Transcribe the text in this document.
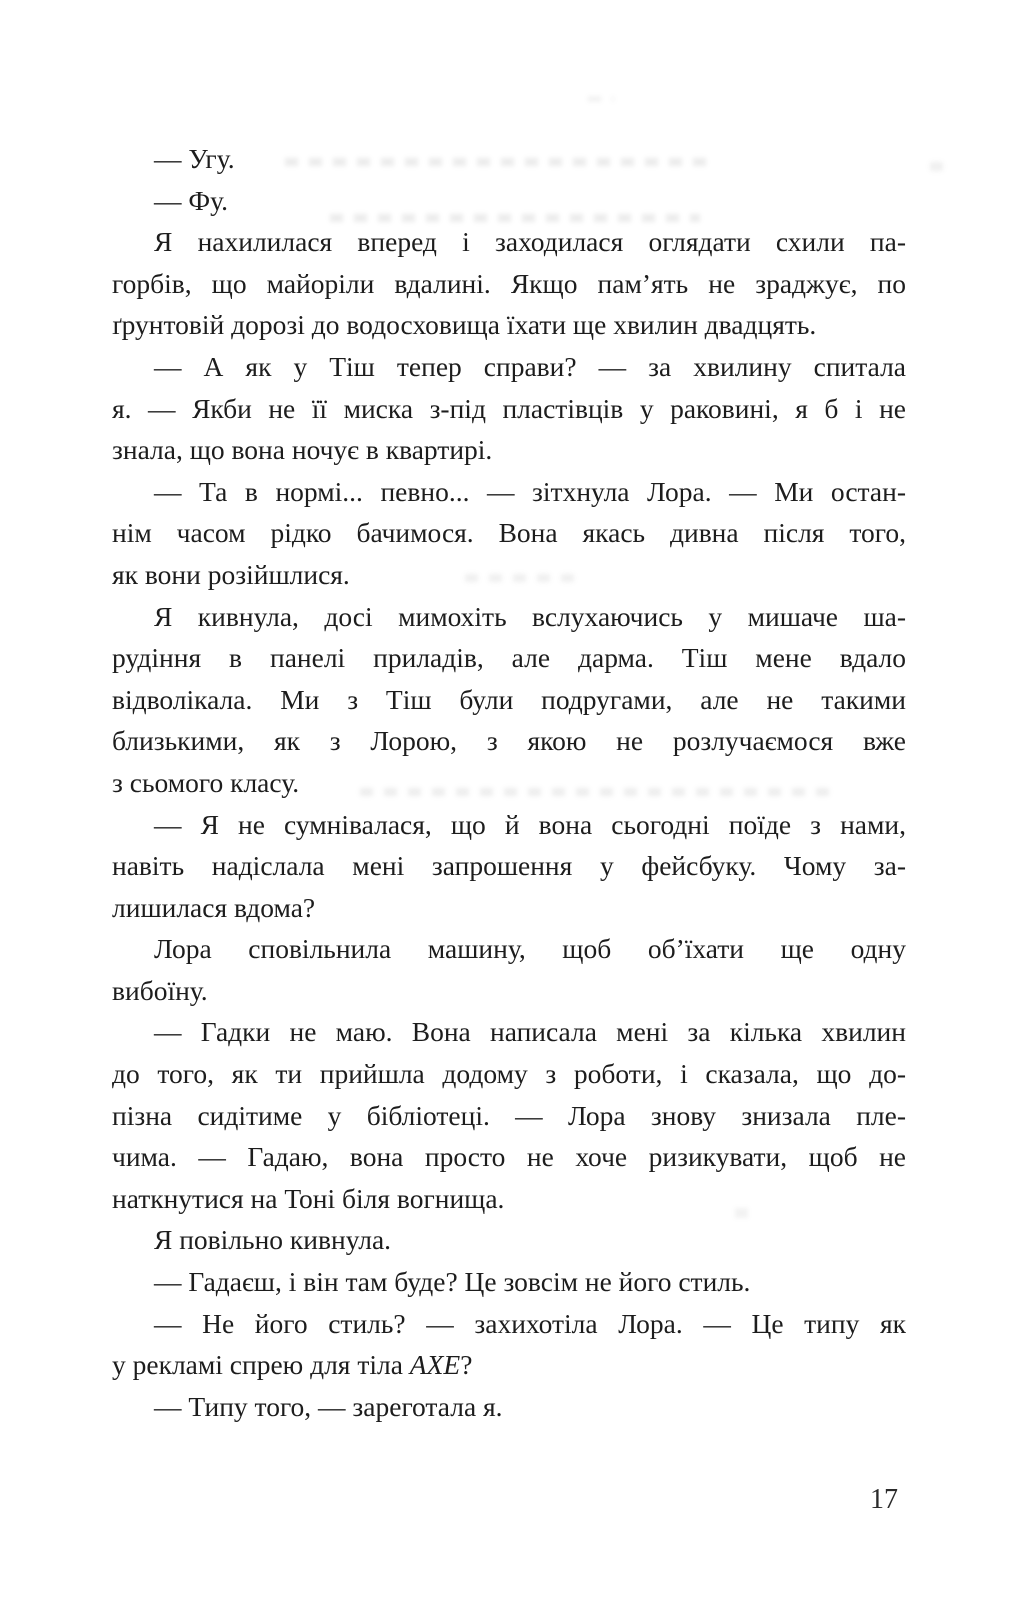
— Угу.

— Фу.

Я нахилилася вперед і заходилася оглядати схили па-
горбів, що майоріли вдалині. Якщо пам’ять не зраджує, по
ґрунтовій дорозі до водосховища їхати ще хвилин двадцять.

— А як у Тіш тепер справи? — за хвилину спитала
я. — Якби не її миска з-під пластівців у раковині, я б і не
знала, що вона ночує в квартирі.

— Та в нормі... певно... — зітхнула Лора. — Ми остан-
нім часом рідко бачимося. Вона якась дивна після того,
як вони розійшлися.

Я кивнула, досі мимохіть вслухаючись у мишаче ша-
рудіння в панелі приладів, але дарма. Тіш мене вдало
відволікала. Ми з Тіш були подругами, але не такими
близькими, як з Лорою, з якою не розлучаємося вже
з сьомого класу.

— Я не сумнівалася, що й вона сьогодні поїде з нами,
навіть надіслала мені запрошення у фейсбуку. Чому за-
лишилася вдома?

Лора сповільнила машину, щоб об’їхати ще одну
вибоїну.

— Гадки не маю. Вона написала мені за кілька хвилин
до того, як ти прийшла додому з роботи, і сказала, що до-
пізна сидітиме у бібліотеці. — Лора знову знизала пле-
чима. — Гадаю, вона просто не хоче ризикувати, щоб не
наткнутися на Тоні біля вогнища.

Я повільно кивнула.

— Гадаєш, і він там буде? Це зовсім не його стиль.

— Не його стиль? — захихотіла Лора. — Це типу як
у рекламі спрею для тіла AXE?

— Типу того, — зареготала я.

17
